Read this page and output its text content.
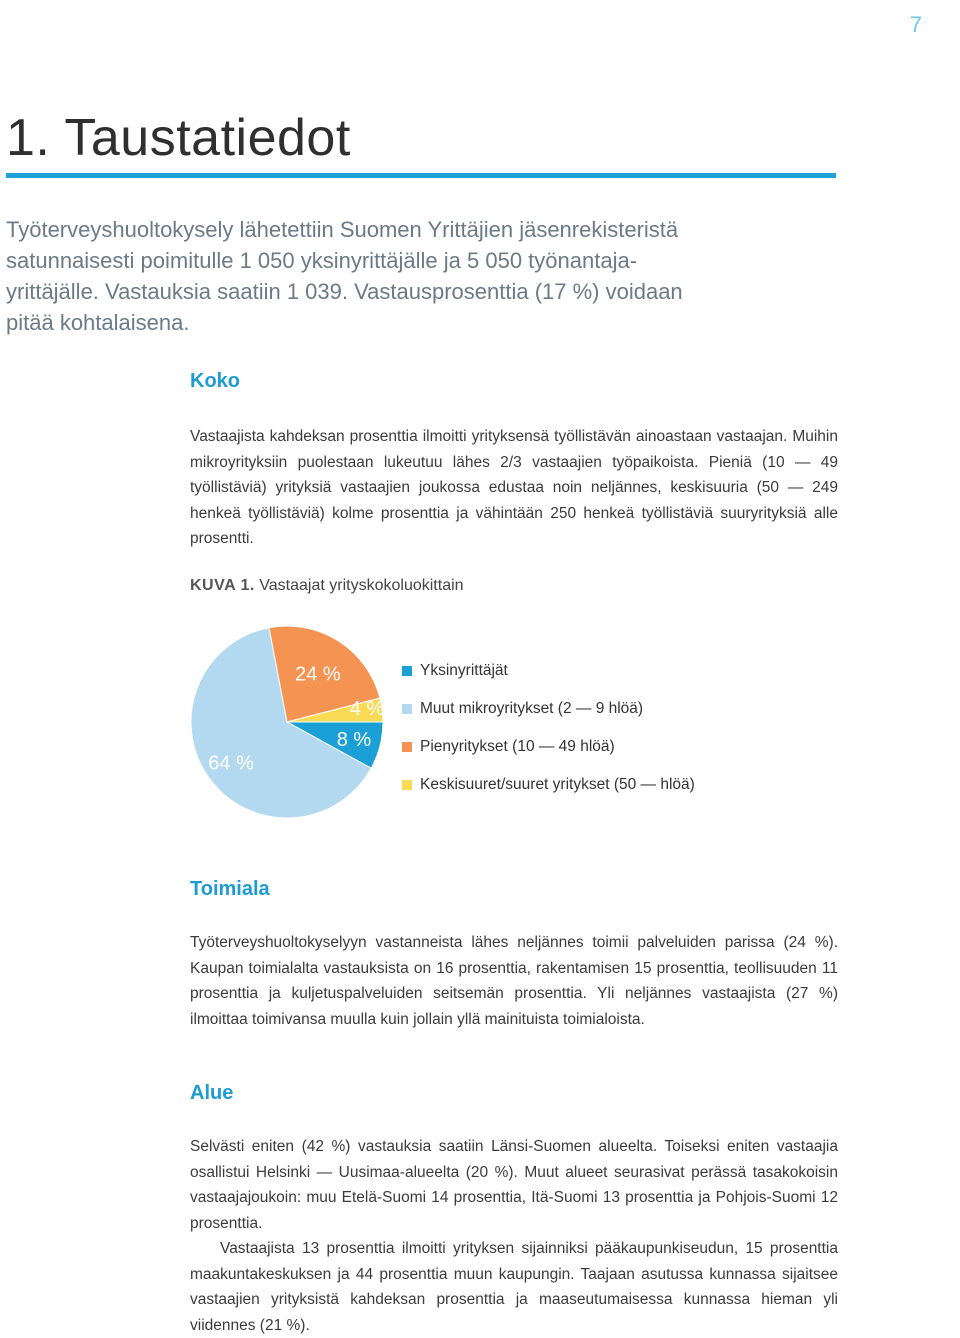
7
1. Taustatiedot

Työterveyshuoltokysely lähetettiin Suomen Yrittäjien jäsenrekisteristä satunnaisesti poimitulle 1 050 yksinyrittäjälle ja 5 050 työnantaja-yrittäjälle. Vastauksia saatiin 1 039. Vastausprosenttia (17 %) voidaan pitää kohtalaisena.

Koko

Vastaajista kahdeksan prosenttia ilmoitti yrityksensä työllistävän ainoastaan vastaajan. Muihin mikroyrityksiin puolestaan lukeutuu lähes 2/3 vastaajien työpaikoista. Pieniä (10 — 49 työllistäviä) yrityksiä vastaajien joukossa edustaa noin neljännes, keskisuuria (50 — 249 henkeä työllistäviä) kolme prosenttia ja vähintään 250 henkeä työllistäviä suuryrityksiä alle prosentti.

KUVA 1. Vastaajat yrityskokoluokittain
8 %
64 %
24 %
4 %
Yksinyrittäjät
Muut mikroyritykset (2 — 9 hlöä)
Pienyritykset (10 — 49 hlöä)
Keskisuuret/suuret yritykset (50 — hlöä)
Toimiala

Työterveyshuoltokyselyyn vastanneista lähes neljännes toimii palveluiden parissa (24 %). Kaupan toimialalta vastauksista on 16 prosenttia, rakentamisen 15 prosenttia, teollisuuden 11 prosenttia ja kuljetuspalveluiden seitsemän prosenttia. Yli neljännes vastaajista (27 %) ilmoittaa toimivansa muulla kuin jollain yllä mainituista toimialoista.

Alue

Selvästi eniten (42 %) vastauksia saatiin Länsi-Suomen alueelta. Toiseksi eniten vastaajia osallistui Helsinki — Uusimaa-alueelta (20 %). Muut alueet seurasivat perässä tasakokoisin vastaajajoukoin: muu Etelä-Suomi 14 prosenttia, Itä-Suomi 13 prosenttia ja Pohjois-Suomi 12 prosenttia.

Vastaajista 13 prosenttia ilmoitti yrityksen sijainniksi pääkaupunkiseudun, 15 prosenttia maakuntakeskuksen ja 44 prosenttia muun kaupungin. Taajaan asutussa kunnassa sijaitsee vastaajien yrityksistä kahdeksan prosenttia ja maaseutumaisessa kunnassa hieman yli viidennes (21 %).
